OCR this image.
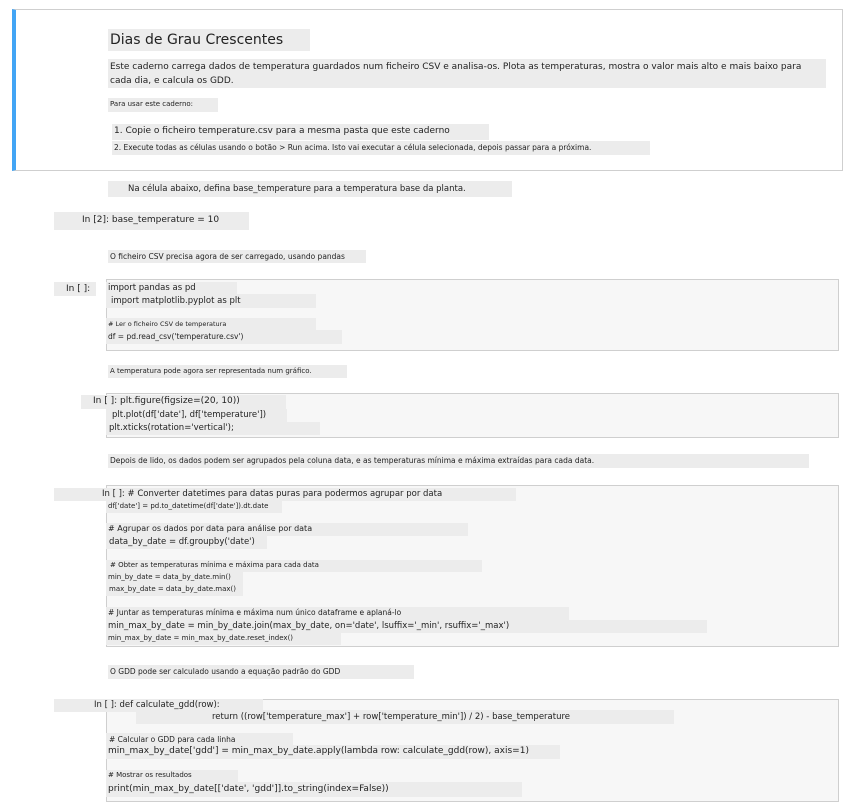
Dias de Grau Crescentes
Este caderno carrega dados de temperatura guardados num ficheiro CSV e analisa-os. Plota as temperaturas, mostra o valor mais alto e mais baixo para cada dia, e calcula os GDD.
Para usar este caderno:
1. Copie o ficheiro temperature.csv para a mesma pasta que este caderno
2. Execute todas as células usando o botão > Run acima. Isto vai executar a célula selecionada, depois passar para a próxima.
Na célula abaixo, defina base_temperature para a temperatura base da planta.
In [2]: base_temperature = 10
O ficheiro CSV precisa agora de ser carregado, usando pandas
In [ ]:	import pandas as pd
import matplotlib.pyplot as plt
# Ler o ficheiro CSV de temperatura
df = pd.read_csv('temperature.csv')
A temperatura pode agora ser representada num gráfico.
In [ ]: plt.figure(figsize=(20, 10))
plt.plot(df['date'], df['temperature'])
plt.xticks(rotation='vertical');
Depois de lido, os dados podem ser agrupados pela coluna data, e as temperaturas mínima e máxima extraídas para cada data.
In [ ]: # Converter datetimes para datas puras para podermos agrupar por data
df['date'] = pd.to_datetime(df['date']).dt.date
# Agrupar os dados por data para análise por data
data_by_date = df.groupby('date')
# Obter as temperaturas mínima e máxima para cada data
min_by_date = data_by_date.min()
max_by_date = data_by_date.max()
# Juntar as temperaturas mínima e máxima num único dataframe e aplaná-lo
min_max_by_date = min_by_date.join(max_by_date, on='date', lsuffix='_min', rsuffix='_max')
min_max_by_date = min_max_by_date.reset_index()
O GDD pode ser calculado usando a equação padrão do GDD
In [ ]: def calculate_gdd(row):
return ((row['temperature_max'] + row['temperature_min']) / 2) - base_temperature
# Calcular o GDD para cada linha
min_max_by_date['gdd'] = min_max_by_date.apply(lambda row: calculate_gdd(row), axis=1)
# Mostrar os resultados
print(min_max_by_date[['date', 'gdd']].to_string(index=False))
